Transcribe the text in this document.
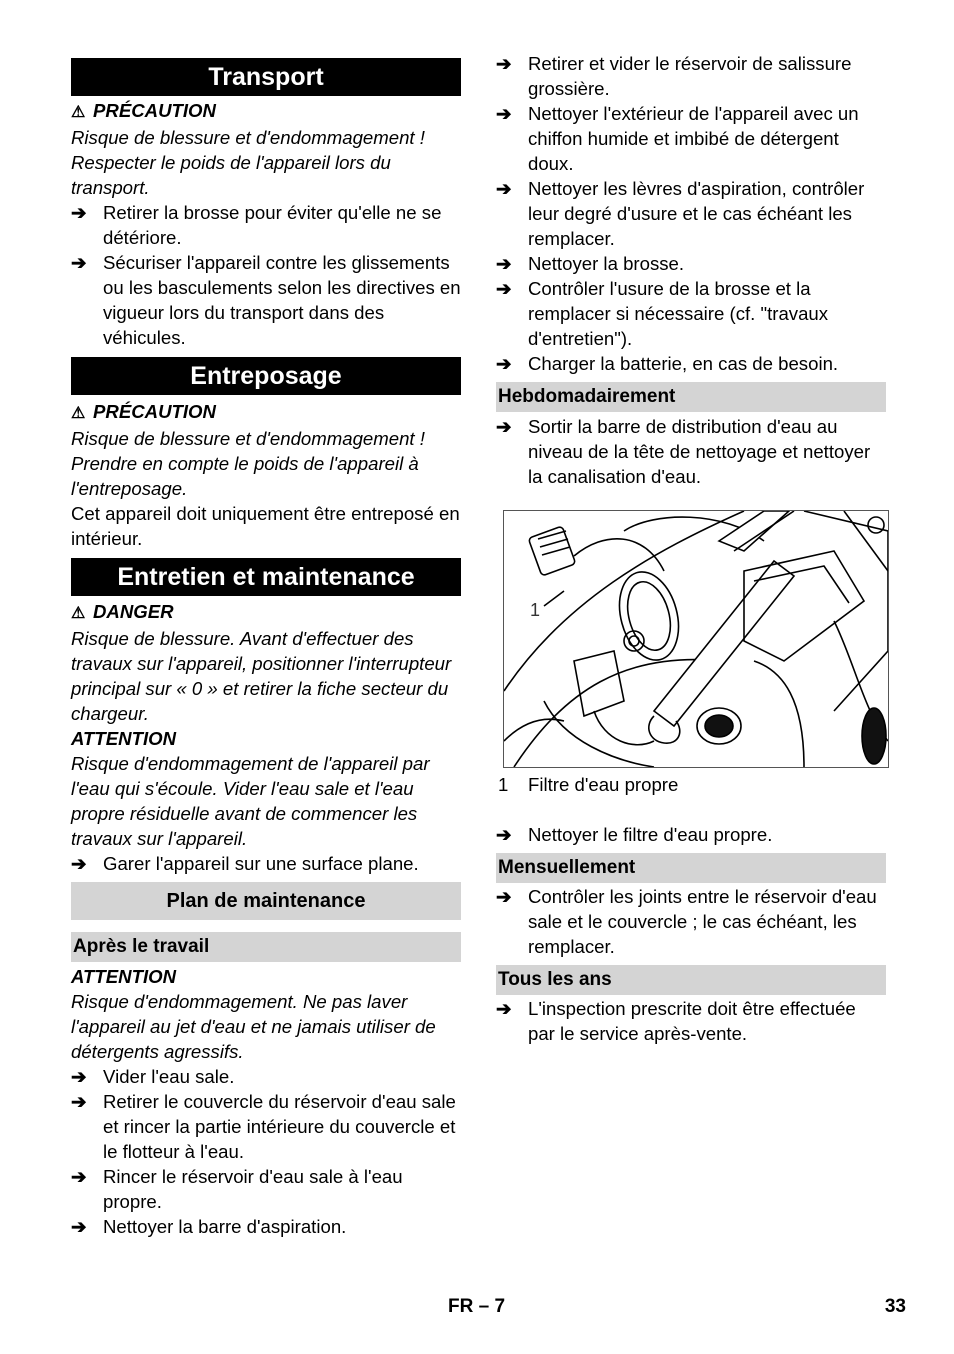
Transport
⚠ PRÉCAUTION
Risque de blessure et d'endommagement ! Respecter le poids de l'appareil lors du transport.
➔ Retirer la brosse pour éviter qu'elle ne se détériore.
➔ Sécuriser l'appareil contre les glissements ou les basculements selon les directives en vigueur lors du transport dans des véhicules.
Entreposage
⚠ PRÉCAUTION
Risque de blessure et d'endommagement ! Prendre en compte le poids de l'appareil à l'entreposage.
Cet appareil doit uniquement être entreposé en intérieur.
Entretien et maintenance
⚠ DANGER
Risque de blessure. Avant d'effectuer des travaux sur l'appareil, positionner l'interrupteur principal sur « 0 » et retirer la fiche secteur du chargeur.
ATTENTION
Risque d'endommagement de l'appareil par l'eau qui s'écoule. Vider l'eau sale et l'eau propre résiduelle avant de commencer les travaux sur l'appareil.
➔ Garer l'appareil sur une surface plane.
Plan de maintenance
Après le travail
ATTENTION
Risque d'endommagement. Ne pas laver l'appareil au jet d'eau et ne jamais utiliser de détergents agressifs.
➔ Vider l'eau sale.
➔ Retirer le couvercle du réservoir d'eau sale et rincer la partie intérieure du couvercle et le flotteur à l'eau.
➔ Rincer le réservoir d'eau sale à l'eau propre.
➔ Nettoyer la barre d'aspiration.
➔ Retirer et vider le réservoir de salissure grossière.
➔ Nettoyer l'extérieur de l'appareil avec un chiffon humide et imbibé de détergent doux.
➔ Nettoyer les lèvres d'aspiration, contrôler leur degré d'usure et le cas échéant les remplacer.
➔ Nettoyer la brosse.
➔ Contrôler l'usure de la brosse et la remplacer si nécessaire (cf. "travaux d'entretien").
➔ Charger la batterie, en cas de besoin.
Hebdomadairement
➔ Sortir la barre de distribution d'eau au niveau de la tête de nettoyage et nettoyer la canalisation d'eau.
1
1 Filtre d'eau propre
➔ Nettoyer le filtre d'eau propre.
Mensuellement
➔ Contrôler les joints entre le réservoir d'eau sale et le couvercle ; le cas échéant, les remplacer.
Tous les ans
➔ L'inspection prescrite doit être effectuée par le service après-vente.
FR – 7	33
